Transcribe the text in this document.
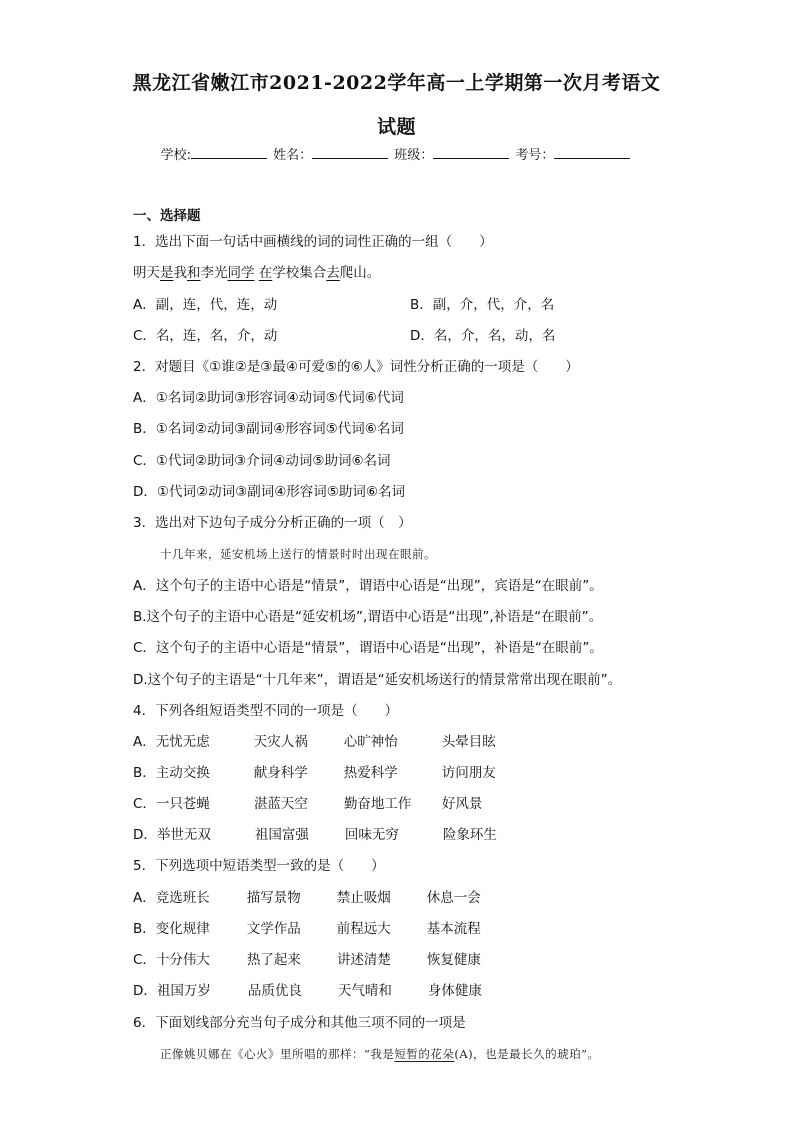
黑龙江省嫩江市2021-2022学年高一上学期第一次月考语文
试题
学校:	姓名：	班级：	考号：
一、选择题
1．选出下面一句话中画横线的词的词性正确的一组（　　）
明天是我和李光同学 在学校集合去爬山。
A．副，连，代，连，动	B．副，介，代，介，名
C．名，连，名，介，动	D．名，介，名，动，名
2．对题目《①谁②是③最④可爱⑤的⑥人》词性分析正确的一项是（　　）
A．①名词②助词③形容词④动词⑤代词⑥代词
B．①名词②动词③副词④形容词⑤代词⑥名词
C．①代词②助词③介词④动词⑤助词⑥名词
D．①代词②动词③副词④形容词⑤助词⑥名词
3．选出对下边句子成分分析正确的一项（　）
十几年来，延安机场上送行的情景时时出现在眼前。
A．这个句子的主语中心语是“情景”，谓语中心语是“出现”，宾语是“在眼前”。
B.这个句子的主语中心语是“延安机场”,谓语中心语是“出现”,补语是“在眼前”。
C．这个句子的主语中心语是“情景”，谓语中心语是“出现”，补语是“在眼前”。
D.这个句子的主语是“十几年来”，谓语是“延安机场送行的情景常常出现在眼前”。
4．下列各组短语类型不同的一项是（　　）
A．无忧无虑	天灾人祸	心旷神怡	头晕目眩
B．主动交换	献身科学	热爱科学	访问朋友
C．一只苍蝇	湛蓝天空	勤奋地工作 好风景
D．举世无双	祖国富强	回味无穷	险象环生
5．下列选项中短语类型一致的是（　　）
A．竞选班长	描写景物	禁止吸烟	休息一会
B．变化规律	文学作品	前程远大	基本流程
C．十分伟大	热了起来	讲述清楚	恢复健康
D．祖国万岁	品质优良	天气晴和	身体健康
6．下面划线部分充当句子成分和其他三项不同的一项是
正像姚贝娜在《心火》里所唱的那样：“我是短暂的花朵(A)，也是最长久的琥珀”。
